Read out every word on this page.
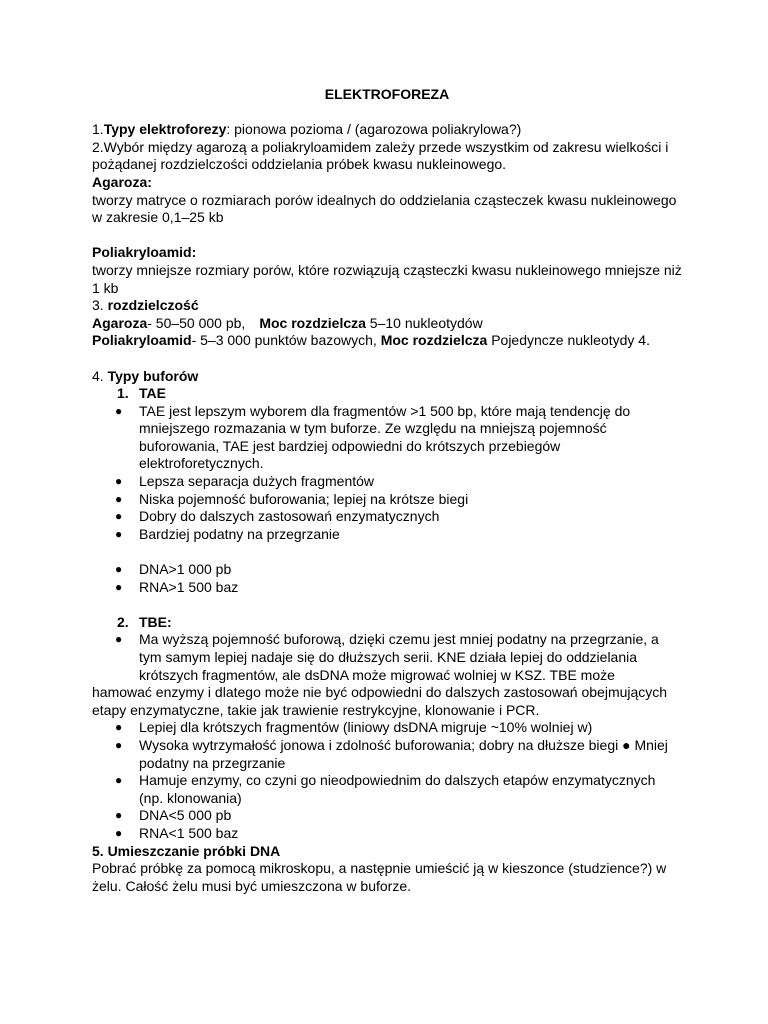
ELEKTROFOREZA

1.Typy elektroforezy: pionowa pozioma / (agarozowa poliakrylowa?)

2.Wybór między agarozą a poliakryloamidem zależy przede wszystkim od zakresu wielkości i pożądanej rozdzielczości oddzielania próbek kwasu nukleinowego.

Agaroza:

tworzy matryce o rozmiarach porów idealnych do oddzielania cząsteczek kwasu nukleinowego w zakresie 0,1–25 kb

Poliakryloamid:

tworzy mniejsze rozmiary porów, które rozwiązują cząsteczki kwasu nukleinowego mniejsze niż 1 kb

3. rozdzielczość

Agaroza- 50–50 000 pb, Moc rozdzielcza 5–10 nukleotydów

Poliakryloamid- 5–3 000 punktów bazowych, Moc rozdzielcza Pojedyncze nukleotydy 4.

4. Typy buforów

1. TAE
● TAE jest lepszym wyborem dla fragmentów >1 500 bp, które mają tendencję do mniejszego rozmazania w tym buforze. Ze względu na mniejszą pojemność buforowania, TAE jest bardziej odpowiedni do krótszych przebiegów elektroforetycznych.
● Lepsza separacja dużych fragmentów
● Niska pojemność buforowania; lepiej na krótsze biegi
● Dobry do dalszych zastosowań enzymatycznych
● Bardziej podatny na przegrzanie
● DNA>1 000 pb
● RNA>1 500 baz
2. TBE:
● Ma wyższą pojemność buforową, dzięki czemu jest mniej podatny na przegrzanie, a tym samym lepiej nadaje się do dłuższych serii. KNE działa lepiej do oddzielania krótszych fragmentów, ale dsDNA może migrować wolniej w KSZ. TBE może

hamować enzymy i dlatego może nie być odpowiedni do dalszych zastosowań obejmujących etapy enzymatyczne, takie jak trawienie restrykcyjne, klonowanie i PCR.

● Lepiej dla krótszych fragmentów (liniowy dsDNA migruje ~10% wolniej w)
● Wysoka wytrzymałość jonowa i zdolność buforowania; dobry na dłuższe biegi ● Mniej podatny na przegrzanie
● Hamuje enzymy, co czyni go nieodpowiednim do dalszych etapów enzymatycznych (np. klonowania)
● DNA<5 000 pb
● RNA<1 500 baz

5. Umieszczanie próbki DNA

Pobrać próbkę za pomocą mikroskopu, a następnie umieścić ją w kieszonce (studzience?) w żelu. Całość żelu musi być umieszczona w buforze.
